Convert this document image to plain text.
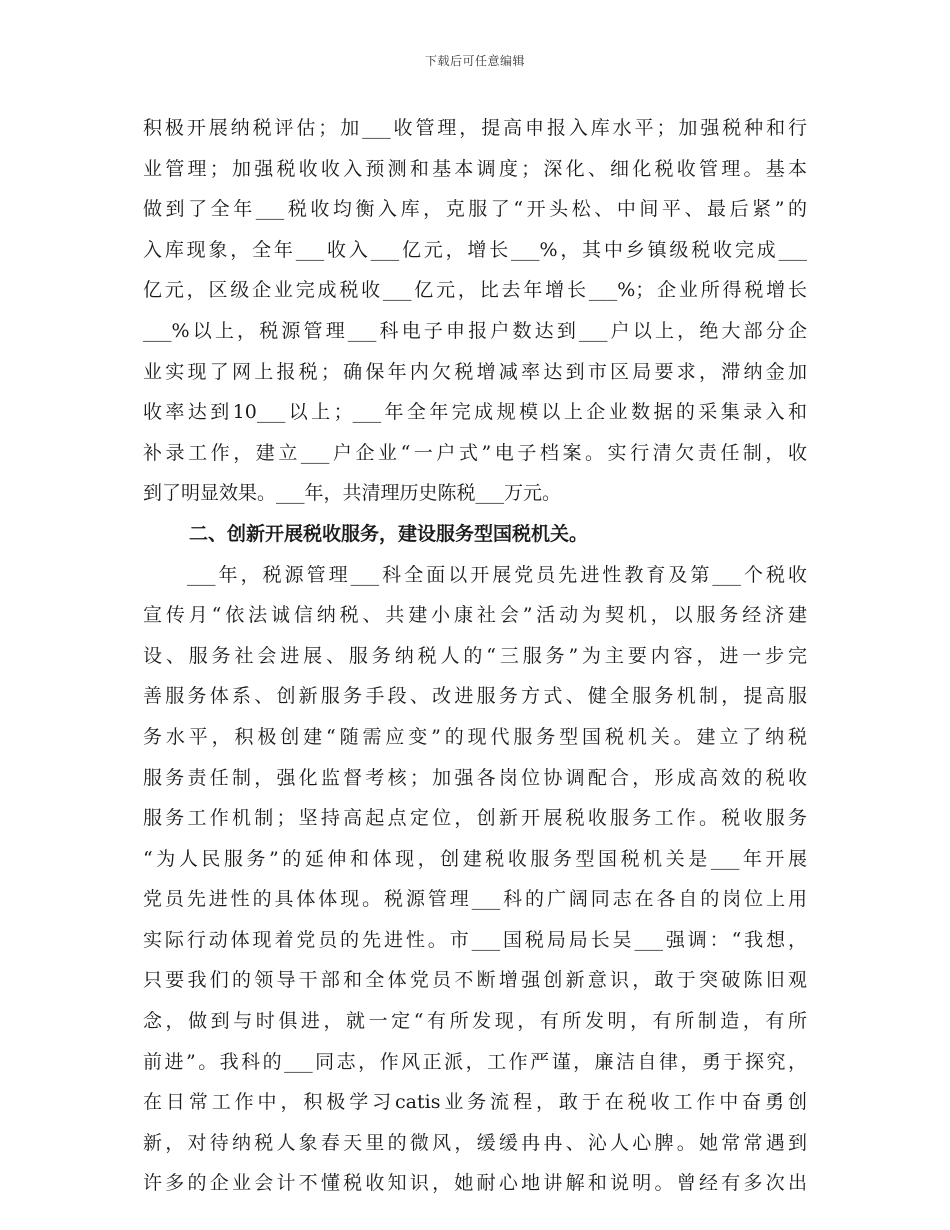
下载后可任意编辑
积极开展纳税评估；加___收管理，提高申报入库水平；加强税种和行
业管理；加强税收收入预测和基本调度；深化、细化税收管理。基本
做到了全年___税收均衡入库，克服了“开头松、中间平、最后紧”的
入库现象，全年___收入___亿元，增长___%，其中乡镇级税收完成___
亿元，区级企业完成税收___亿元，比去年增长___%；企业所得税增长
___%以上，税源管理___科电子申报户数达到___户以上，绝大部分企
业实现了网上报税；确保年内欠税增减率达到市区局要求，滞纳金加
收率达到10___以上；___年全年完成规模以上企业数据的采集录入和
补录工作，建立___户企业“一户式”电子档案。实行清欠责任制，收
到了明显效果。___年，共清理历史陈税___万元。
二、创新开展税收服务，建设服务型国税机关。
　　___年，税源管理___科全面以开展党员先进性教育及第___个税收
宣传月“依法诚信纳税、共建小康社会”活动为契机，以服务经济建
设、服务社会进展、服务纳税人的“三服务”为主要内容，进一步完
善服务体系、创新服务手段、改进服务方式、健全服务机制，提高服
务水平，积极创建“随需应变”的现代服务型国税机关。建立了纳税
服务责任制，强化监督考核；加强各岗位协调配合，形成高效的税收
服务工作机制；坚持高起点定位，创新开展税收服务工作。税收服务
“为人民服务”的延伸和体现，创建税收服务型国税机关是___年开展
党员先进性的具体体现。税源管理___科的广阔同志在各自的岗位上用
实际行动体现着党员的先进性。市___国税局局长吴___强调：“我想，
只要我们的领导干部和全体党员不断增强创新意识，敢于突破陈旧观
念，做到与时俱进，就一定“有所发现，有所发明，有所制造，有所
前进”。我科的___同志，作风正派，工作严谨，廉洁自律，勇于探究，
在日常工作中，积极学习catis业务流程，敢于在税收工作中奋勇创
新，对待纳税人象春天里的微风，缓缓冉冉、沁人心脾。她常常遇到
许多的企业会计不懂税收知识，她耐心地讲解和说明。曾经有多次出
